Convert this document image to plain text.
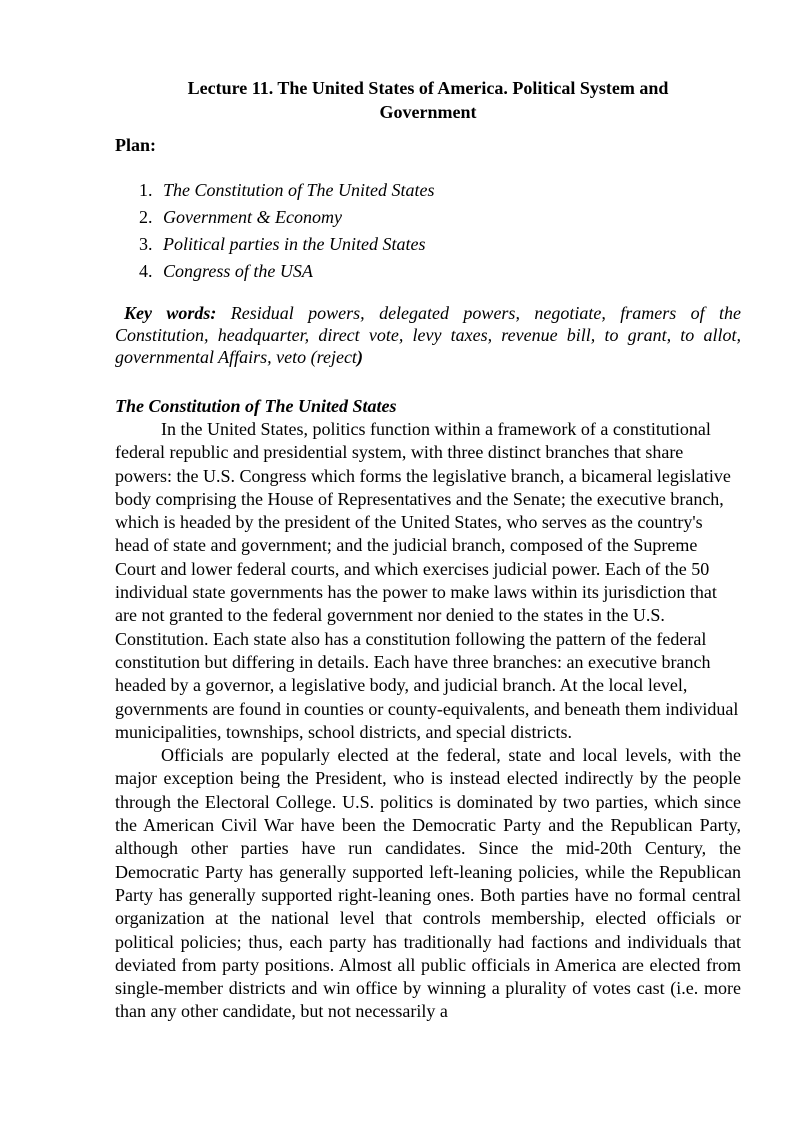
Lecture 11. The United States of America. Political System and Government
Plan:
1. The Constitution of The United States
2. Government & Economy
3. Political parties in the United States
4. Congress of the USA

Key words: Residual powers, delegated powers, negotiate, framers of the Constitution, headquarter, direct vote, levy taxes, revenue bill, to grant, to allot, governmental Affairs, veto (reject)

The Constitution of The United States

In the United States, politics function within a framework of a constitutional federal republic and presidential system, with three distinct branches that share powers: the U.S. Congress which forms the legislative branch, a bicameral legislative body comprising the House of Representatives and the Senate; the executive branch, which is headed by the president of the United States, who serves as the country's head of state and government; and the judicial branch, composed of the Supreme Court and lower federal courts, and which exercises judicial power. Each of the 50 individual state governments has the power to make laws within its jurisdiction that are not granted to the federal government nor denied to the states in the U.S. Constitution. Each state also has a constitution following the pattern of the federal constitution but differing in details. Each have three branches: an executive branch headed by a governor, a legislative body, and judicial branch. At the local level, governments are found in counties or county-equivalents, and beneath them individual municipalities, townships, school districts, and special districts.

Officials are popularly elected at the federal, state and local levels, with the major exception being the President, who is instead elected indirectly by the people through the Electoral College. U.S. politics is dominated by two parties, which since the American Civil War have been the Democratic Party and the Republican Party, although other parties have run candidates. Since the mid-20th Century, the Democratic Party has generally supported left-leaning policies, while the Republican Party has generally supported right-leaning ones. Both parties have no formal central organization at the national level that controls membership, elected officials or political policies; thus, each party has traditionally had factions and individuals that deviated from party positions. Almost all public officials in America are elected from single-member districts and win office by winning a plurality of votes cast (i.e. more than any other candidate, but not necessarily a
